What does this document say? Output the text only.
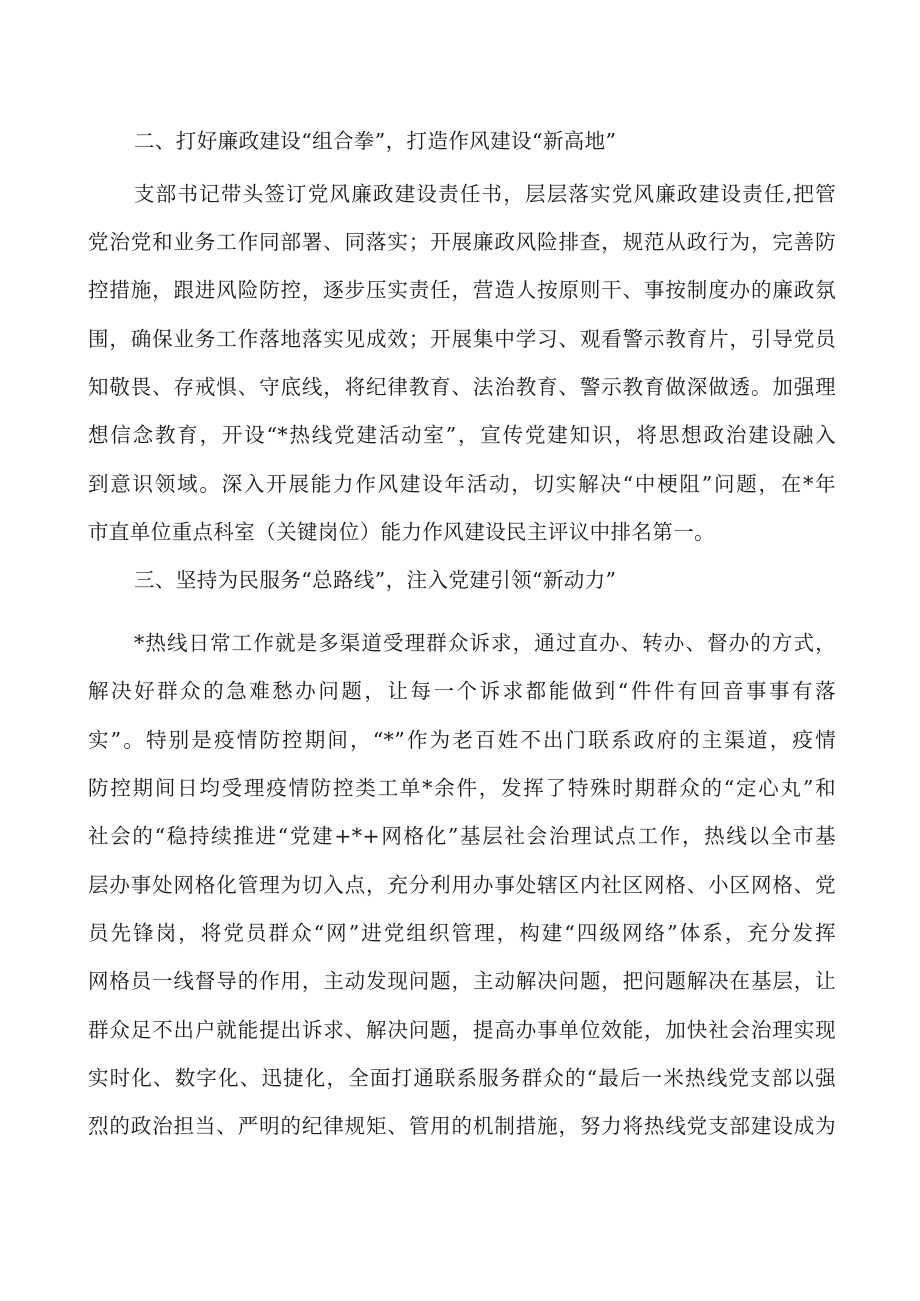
二、打好廉政建设“组合拳”，打造作风建设“新高地”
支部书记带头签订党风廉政建设责任书，层层落实党风廉政建设责任,把管
党治党和业务工作同部署、同落实；开展廉政风险排查，规范从政行为，完善防
控措施，跟进风险防控，逐步压实责任，营造人按原则干、事按制度办的廉政氛
围，确保业务工作落地落实见成效；开展集中学习、观看警示教育片，引导党员
知敬畏、存戒惧、守底线，将纪律教育、法治教育、警示教育做深做透。加强理
想信念教育，开设“*热线党建活动室”，宣传党建知识，将思想政治建设融入
到意识领域。深入开展能力作风建设年活动，切实解决“中梗阻”问题，在*年
市直单位重点科室（关键岗位）能力作风建设民主评议中排名第一。
三、坚持为民服务“总路线”，注入党建引领“新动力”
*热线日常工作就是多渠道受理群众诉求，通过直办、转办、督办的方式，
解决好群众的急难愁办问题，让每一个诉求都能做到“件件有回音事事有落
实”。特别是疫情防控期间，“*”作为老百姓不出门联系政府的主渠道，疫情
防控期间日均受理疫情防控类工单*余件，发挥了特殊时期群众的“定心丸”和
社会的“稳持续推进“党建+*+网格化”基层社会治理试点工作，热线以全市基
层办事处网格化管理为切入点，充分利用办事处辖区内社区网格、小区网格、党
员先锋岗，将党员群众“网”进党组织管理，构建“四级网络”体系，充分发挥
网格员一线督导的作用，主动发现问题，主动解决问题，把问题解决在基层，让
群众足不出户就能提出诉求、解决问题，提高办事单位效能，加快社会治理实现
实时化、数字化、迅捷化，全面打通联系服务群众的“最后一米热线党支部以强
烈的政治担当、严明的纪律规矩、管用的机制措施，努力将热线党支部建设成为
